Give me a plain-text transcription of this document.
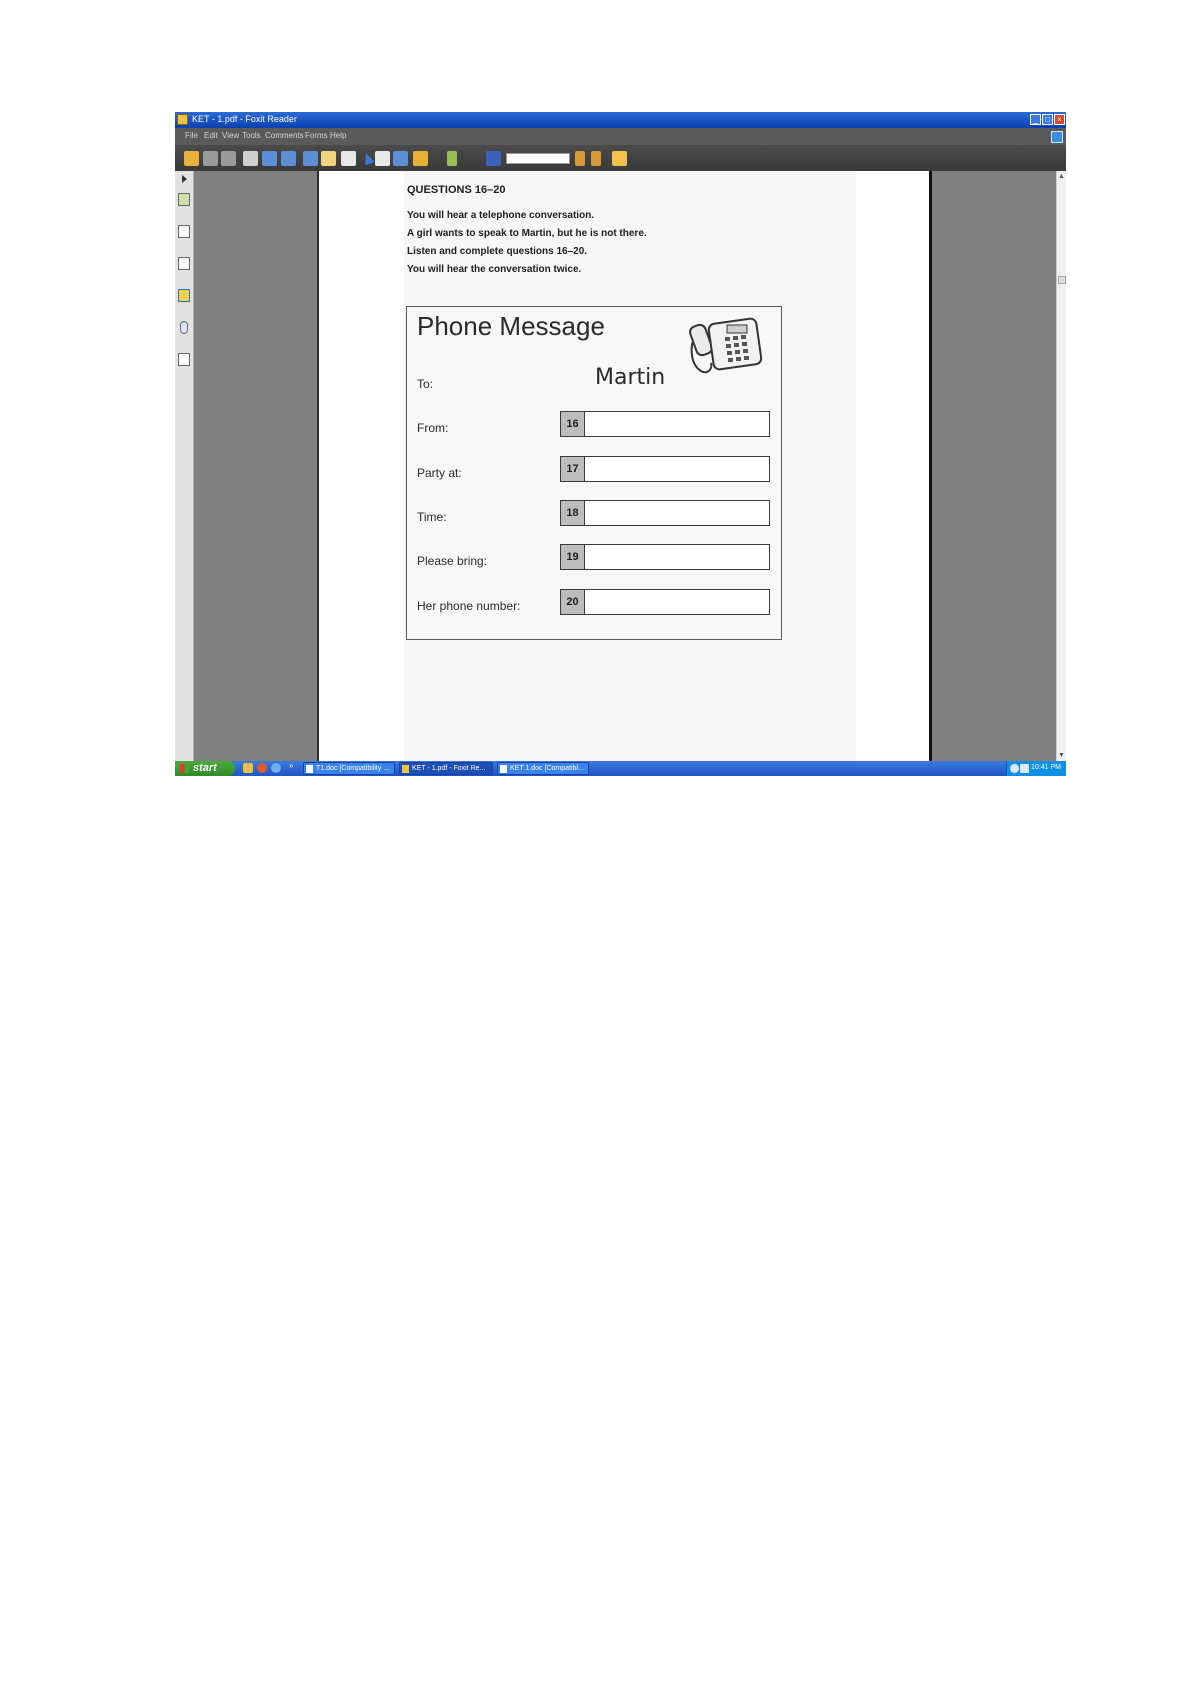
KET - 1.pdf - Foxit Reader	_ □ ×
File Edit View Tools Comments Forms Help
QUESTIONS 16–20
You will hear a telephone conversation.
A girl wants to speak to Martin, but he is not there.
Listen and complete questions 16–20.
You will hear the conversation twice.
Phone Message
To:	Martin
From:	16
Party at:	17
Time:	18
Please bring:	19
Her phone number:	20
▲
▼
start	»	T1.doc [Compatibility ...	KET - 1.pdf - Foxit Re...	KET 1.doc [Compatibl...	10:41 PM
